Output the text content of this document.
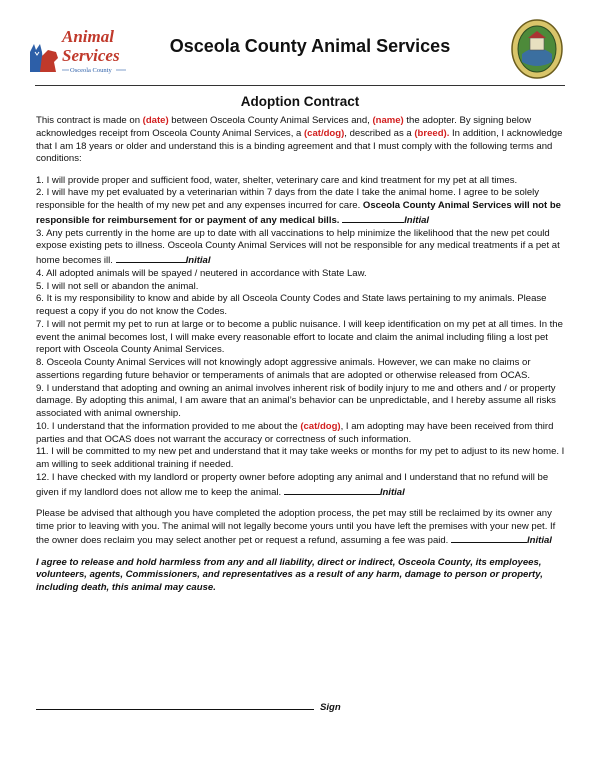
Animal
Services
Osceola County
Osceola County Animal Services
Adoption Contract

This contract is made on (date) between Osceola County Animal Services and, (name) the adopter. By signing below acknowledges receipt from Osceola County Animal Services, a (cat/dog), described as a (breed). In addition, I acknowledge that I am 18 years or older and understand this is a binding agreement and that I must comply with the following terms and conditions:

1. I will provide proper and sufficient food, water, shelter, veterinary care and kind treatment for my pet at all times.

2. I will have my pet evaluated by a veterinarian within 7 days from the date I take the animal home. I agree to be solely responsible for the health of my new pet and any expenses incurred for care. Osceola County Animal Services will not be responsible for reimbursement for or payment of any medical bills.	Initial

3. Any pets currently in the home are up to date with all vaccinations to help minimize the likelihood that the new pet could expose existing pets to illness. Osceola County Animal Services will not be responsible for any medical treatments if a pet at home becomes ill.	Initial

4. All adopted animals will be spayed / neutered in accordance with State Law.

5. I will not sell or abandon the animal.

6. It is my responsibility to know and abide by all Osceola County Codes and State laws pertaining to my animals. Please request a copy if you do not know the Codes.

7. I will not permit my pet to run at large or to become a public nuisance. I will keep identification on my pet at all times. In the event the animal becomes lost, I will make every reasonable effort to locate and claim the animal including filing a lost pet report with Osceola County Animal Services.

8. Osceola County Animal Services will not knowingly adopt aggressive animals. However, we can make no claims or assertions regarding future behavior or temperaments of animals that are adopted or otherwise released from OCAS.

9. I understand that adopting and owning an animal involves inherent risk of bodily injury to me and others and / or property damage. By adopting this animal, I am aware that an animal’s behavior can be unpredictable, and I hereby assume all risks associated with animal ownership.

10. I understand that the information provided to me about the (cat/dog), I am adopting may have been received from third parties and that OCAS does not warrant the accuracy or correctness of such information.

11. I will be committed to my new pet and understand that it may take weeks or months for my pet to adjust to its new home. I am willing to seek additional training if needed.

12. I have checked with my landlord or property owner before adopting any animal and I understand that no refund will be given if my landlord does not allow me to keep the animal.	Initial

Please be advised that although you have completed the adoption process, the pet may still be reclaimed by its owner any time prior to leaving with you. The animal will not legally become yours until you have left the premises with your new pet. If the owner does reclaim you may select another pet or request a refund, assuming a fee was paid.	Initial

I agree to release and hold harmless from any and all liability, direct or indirect, Osceola County, its employees, volunteers, agents, Commissioners, and representatives as a result of any harm, damage to person or property, including death, this animal may cause.

Sign
